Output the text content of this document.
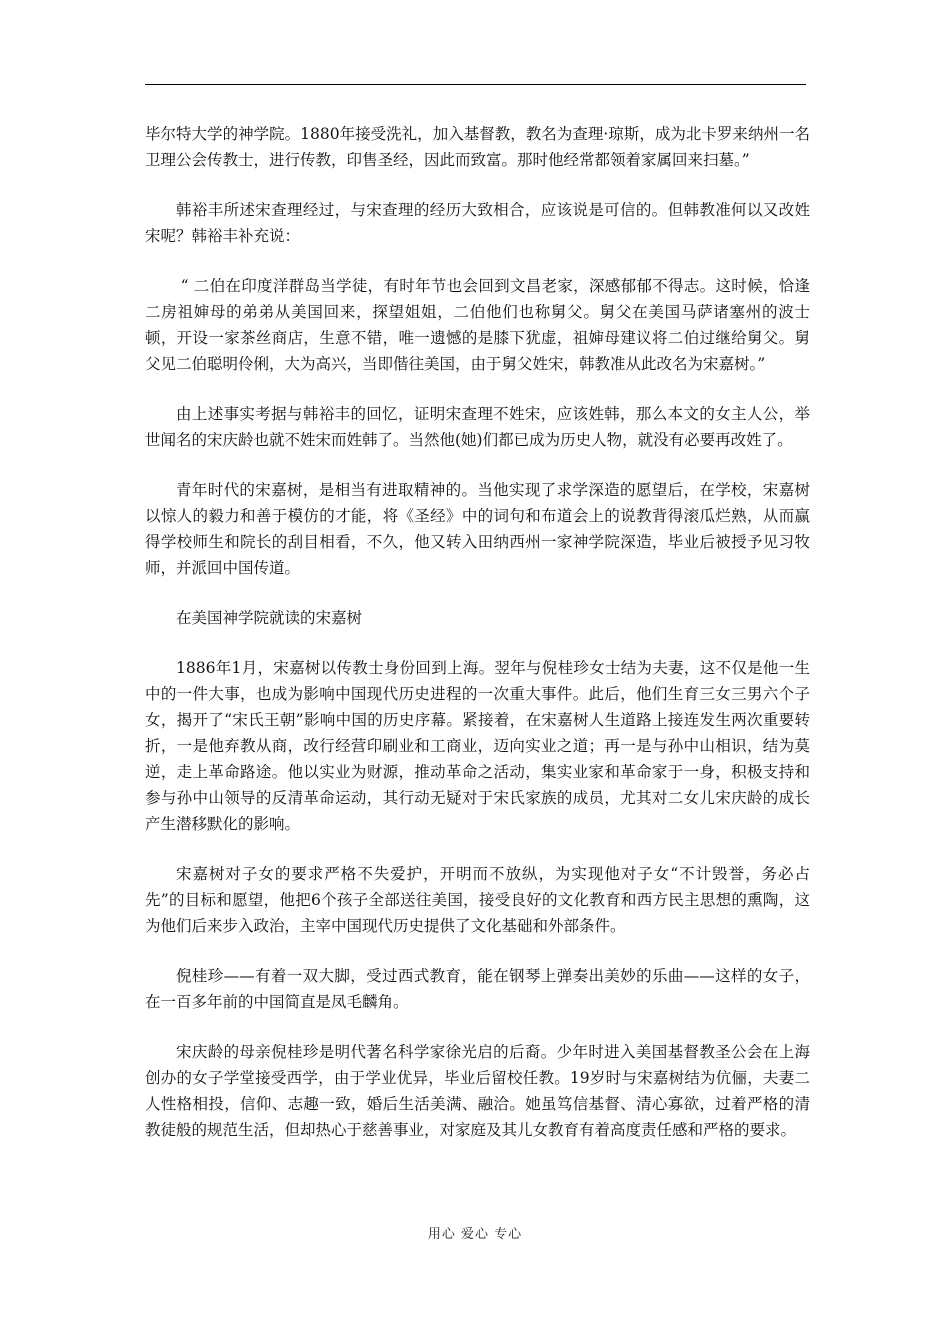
毕尔特大学的神学院。1880年接受洗礼，加入基督教，教名为查理·琼斯，成为北卡罗来纳州一名卫理公会传教士，进行传教，印售圣经，因此而致富。那时他经常都领着家属回来扫墓。”

韩裕丰所述宋查理经过，与宋查理的经历大致相合，应该说是可信的。但韩教准何以又改姓宋呢？韩裕丰补充说：

“ 二伯在印度洋群岛当学徒，有时年节也会回到文昌老家，深感郁郁不得志。这时候，恰逢二房祖婶母的弟弟从美国回来，探望姐姐，二伯他们也称舅父。舅父在美国马萨诸塞州的波士顿，开设一家茶丝商店，生意不错，唯一遗憾的是膝下犹虚，祖婶母建议将二伯过继给舅父。舅父见二伯聪明伶俐，大为高兴，当即偕往美国，由于舅父姓宋，韩教准从此改名为宋嘉树。”

由上述事实考据与韩裕丰的回忆，证明宋查理不姓宋，应该姓韩，那么本文的女主人公，举世闻名的宋庆龄也就不姓宋而姓韩了。当然他(她)们都已成为历史人物，就没有必要再改姓了。

青年时代的宋嘉树，是相当有进取精神的。当他实现了求学深造的愿望后，在学校，宋嘉树以惊人的毅力和善于模仿的才能，将《圣经》中的词句和布道会上的说教背得滚瓜烂熟，从而赢得学校师生和院长的刮目相看，不久，他又转入田纳西州一家神学院深造，毕业后被授予见习牧师，并派回中国传道。

在美国神学院就读的宋嘉树

1886年1月，宋嘉树以传教士身份回到上海。翌年与倪桂珍女士结为夫妻，这不仅是他一生中的一件大事，也成为影响中国现代历史进程的一次重大事件。此后，他们生育三女三男六个子女，揭开了“宋氏王朝”影响中国的历史序幕。紧接着，在宋嘉树人生道路上接连发生两次重要转折，一是他弃教从商，改行经营印刷业和工商业，迈向实业之道；再一是与孙中山相识，结为莫逆，走上革命路途。他以实业为财源，推动革命之活动，集实业家和革命家于一身，积极支持和参与孙中山领导的反清革命运动，其行动无疑对于宋氏家族的成员，尤其对二女儿宋庆龄的成长产生潜移默化的影响。

宋嘉树对子女的要求严格不失爱护，开明而不放纵，为实现他对子女“不计毁誉，务必占先”的目标和愿望，他把6个孩子全部送往美国，接受良好的文化教育和西方民主思想的熏陶，这为他们后来步入政治，主宰中国现代历史提供了文化基础和外部条件。

倪桂珍——有着一双大脚，受过西式教育，能在钢琴上弹奏出美妙的乐曲——这样的女子，在一百多年前的中国简直是凤毛麟角。

宋庆龄的母亲倪桂珍是明代著名科学家徐光启的后裔。少年时进入美国基督教圣公会在上海创办的女子学堂接受西学，由于学业优异，毕业后留校任教。19岁时与宋嘉树结为伉俪，夫妻二人性格相投，信仰、志趣一致，婚后生活美满、融洽。她虽笃信基督、清心寡欲，过着严格的清教徒般的规范生活，但却热心于慈善事业，对家庭及其儿女教育有着高度责任感和严格的要求。

用心 爱心 专心
